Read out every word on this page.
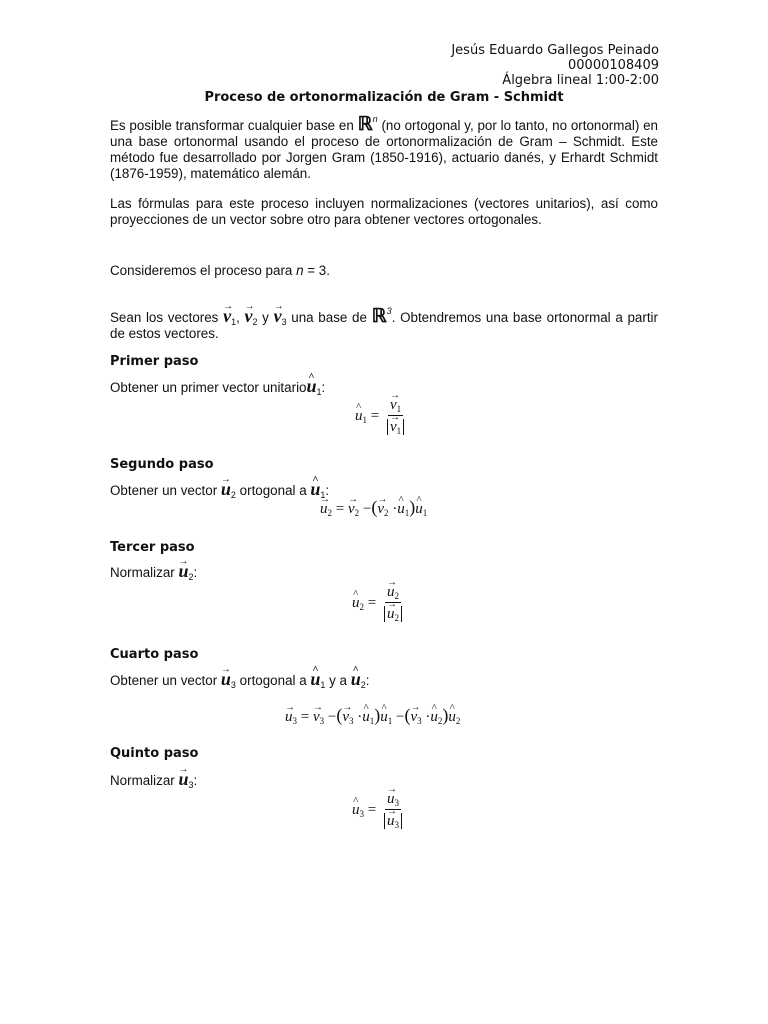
Jesús Eduardo Gallegos Peinado
00000108409
Álgebra lineal 1:00-2:00
Proceso de ortonormalización de Gram - Schmidt
Es posible transformar cualquier base en ℝ$^n$ (no ortogonal y, por lo tanto, no ortonormal) en una base ortonormal usando el proceso de ortonormalización de Gram – Schmidt. Este método fue desarrollado por Jorgen Gram (1850-1916), actuario danés, y Erhardt Schmidt (1876-1959), matemático alemán.
Las fórmulas para este proceso incluyen normalizaciones (vectores unitarios), así como proyecciones de un vector sobre otro para obtener vectores ortogonales.
Consideremos el proceso para n = 3.
Sean los vectores → $v_1$, → $v_2$ $y \to v_3$ una base de ℝ$^3$. Obtendremos una base ortonormal a partir de estos vectores.
Primer paso
Obtener un primer vector unitario^ $u_1$:
^ $u_1$ = → $v_1$
→ $v_1$
Segundo paso
Obtener un vector → $u_2$ ortogonal a ^ $u_1$:
→ $u_2$ = → $v_2$ −(→ $v_2$ ·^ $u_1)\^{}$ $u_1$
Tercer paso
Normalizar → $u_2$:
^ $u_2$ = → $u_2$
→ $u_2$
Cuarto paso
Obtener un vector → $u_3$ ortogonal a ^ $u_1$ y a ^ $u_2$:
→ $u_3$ = → $v_3$ −(→ $v_3$ ·^ $u_1)\^{}$ $u_1$ −(→ $v_3$ ·^ $u_2)\^{}$ $u_2$
Quinto paso
Normalizar → $u_3$:
^ $u_3$ = → $u_3$
→ $u_3$
